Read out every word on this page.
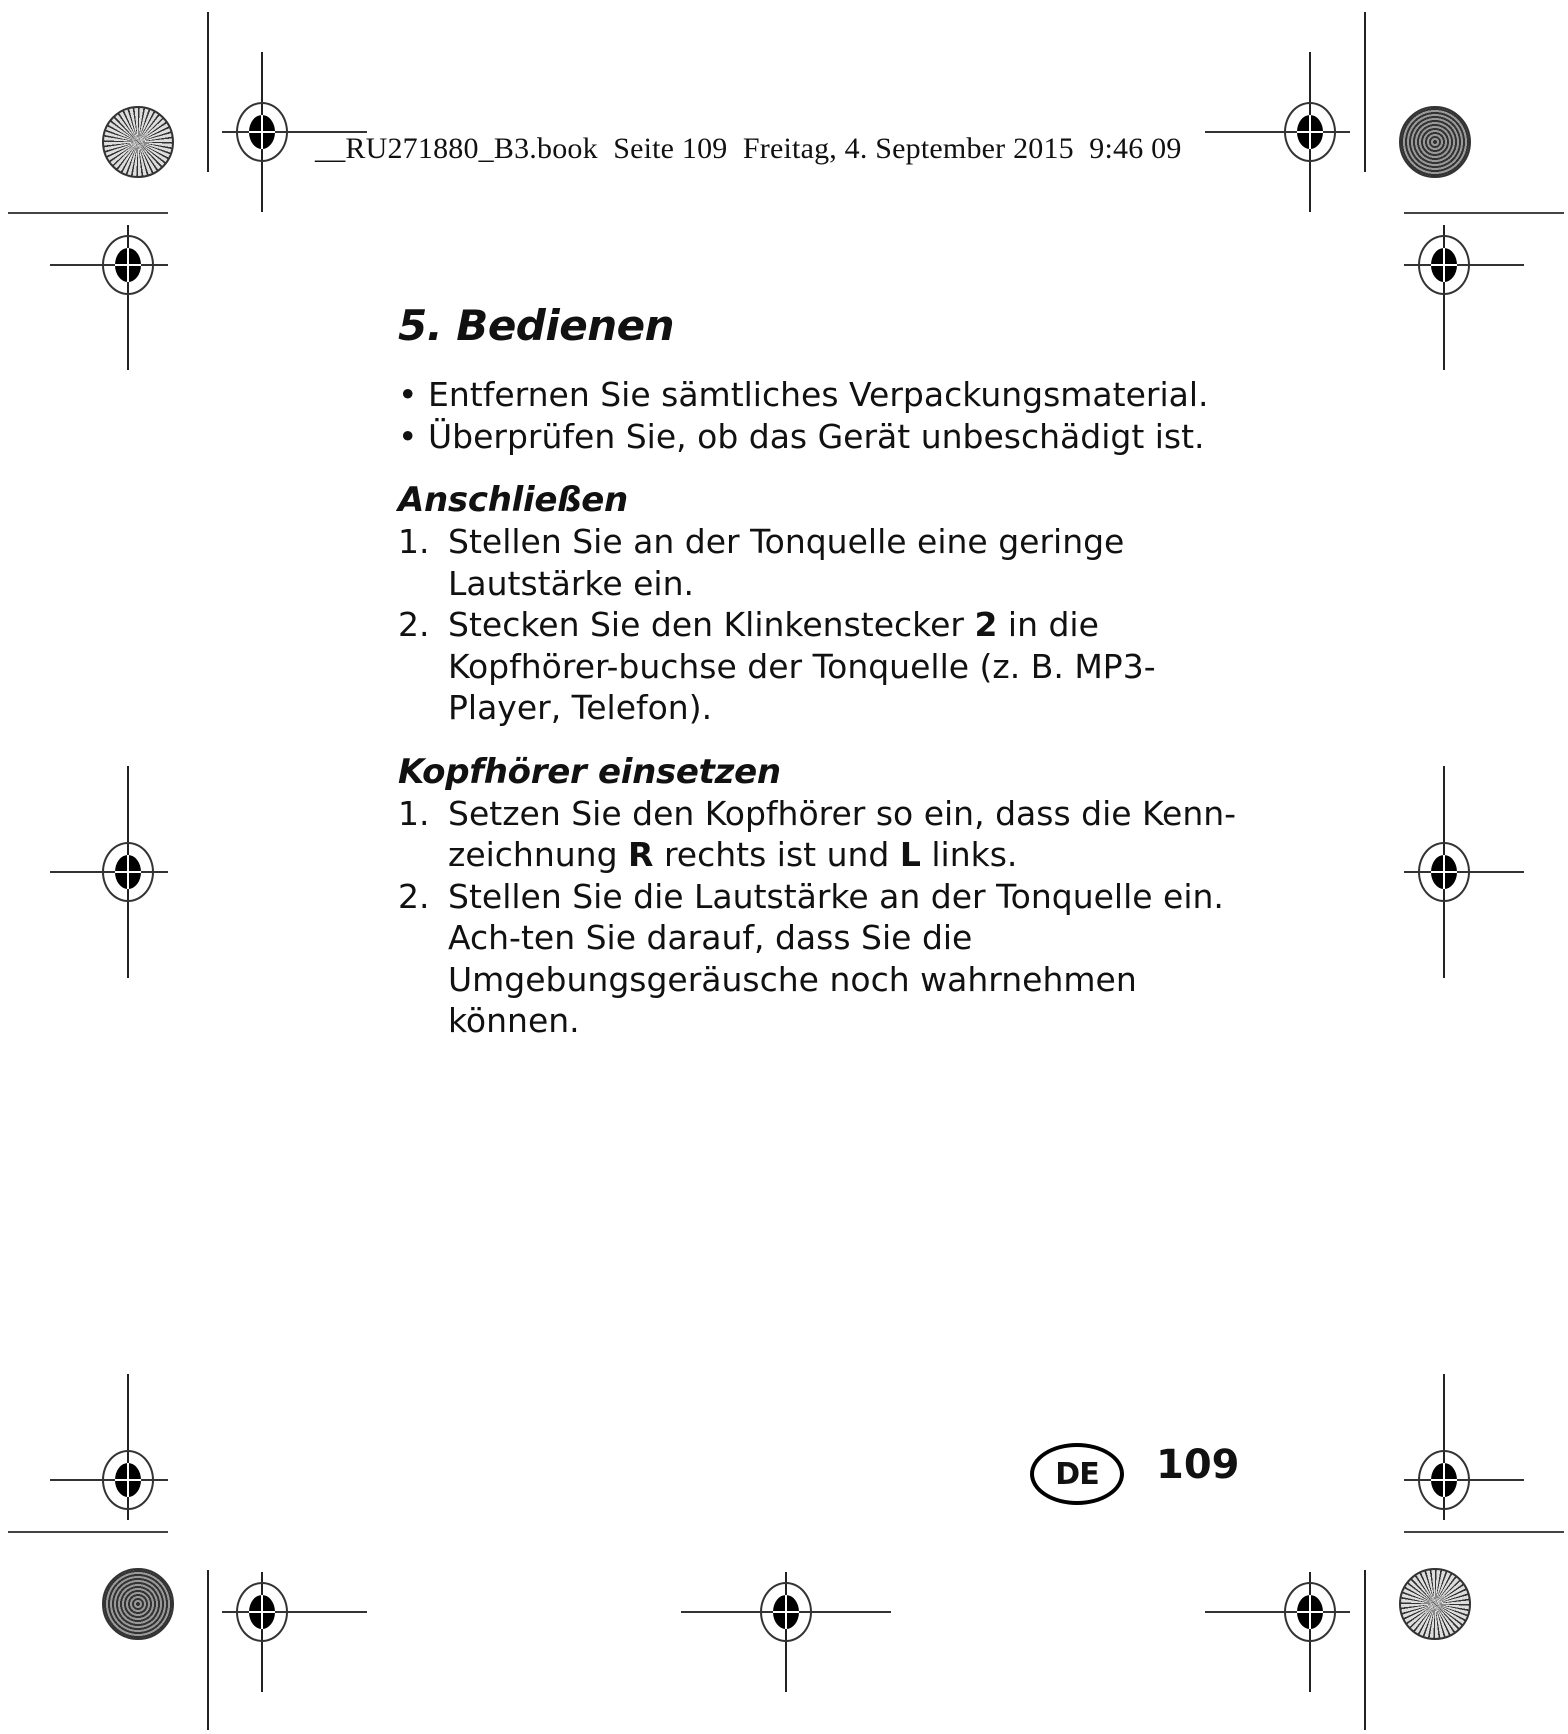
__RU271880_B3.book Seite 109 Freitag, 4. September 2015 9:46 09
5. Bedienen
• Entfernen Sie sämtliches Verpackungsmaterial.
• Überprüfen Sie, ob das Gerät unbeschädigt ist.
Anschließen
1. Stellen Sie an der Tonquelle eine geringe Lautstärke ein.
2. Stecken Sie den Klinkenstecker 2 in die Kopfhörer-buchse der Tonquelle (z. B. MP3-Player, Telefon).
Kopfhörer einsetzen
1. Setzen Sie den Kopfhörer so ein, dass die Kenn-zeichnung R rechts ist und L links.
2. Stellen Sie die Lautstärke an der Tonquelle ein. Ach-ten Sie darauf, dass Sie die Umgebungsgeräusche noch wahrnehmen können.
DE	109
